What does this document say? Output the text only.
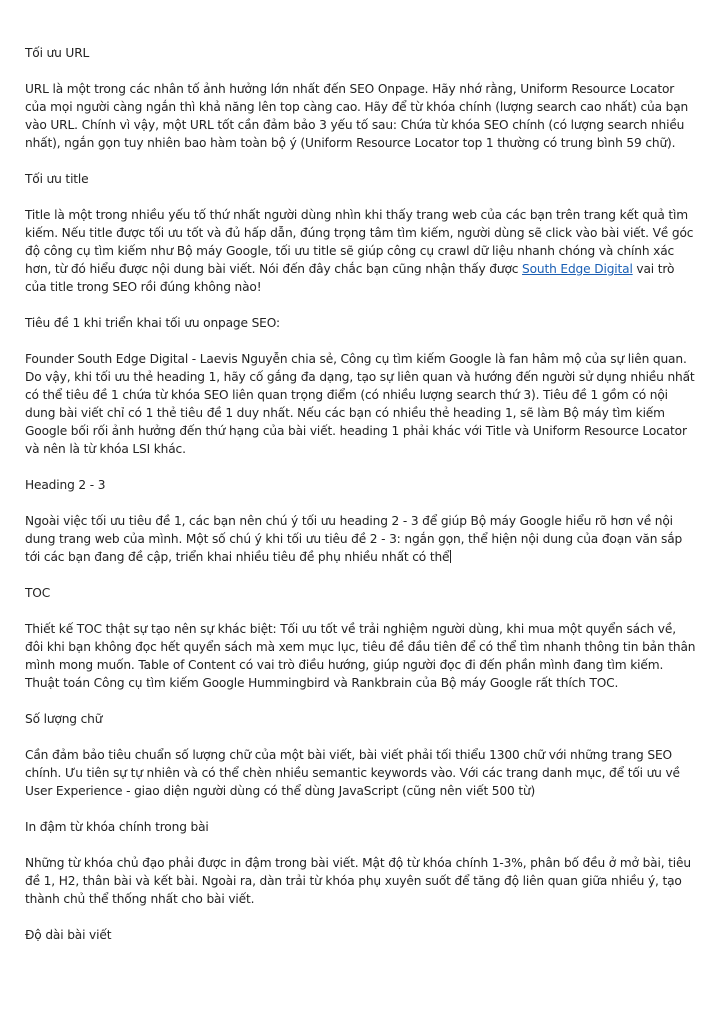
Tối ưu URL
URL là một trong các nhân tố ảnh hưởng lớn nhất đến SEO Onpage. Hãy nhớ rằng, Uniform Resource Locator của mọi người càng ngắn thì khả năng lên top càng cao. Hãy để từ khóa chính (lượng search cao nhất) của bạn vào URL. Chính vì vậy, một URL tốt cần đảm bảo 3 yếu tố sau: Chứa từ khóa SEO chính (có lượng search nhiều nhất), ngắn gọn tuy nhiên bao hàm toàn bộ ý (Uniform Resource Locator top 1 thường có trung bình 59 chữ).
Tối ưu title
Title là một trong nhiều yếu tố thứ nhất người dùng nhìn khi thấy trang web của các bạn trên trang kết quả tìm kiếm. Nếu title được tối ưu tốt và đủ hấp dẫn, đúng trọng tâm tìm kiếm, người dùng sẽ click vào bài viết. Về góc độ công cụ tìm kiếm như Bộ máy Google, tối ưu title sẽ giúp công cụ crawl dữ liệu nhanh chóng và chính xác hơn, từ đó hiểu được nội dung bài viết. Nói đến đây chắc bạn cũng nhận thấy được South Edge Digital vai trò của title trong SEO rồi đúng không nào!
Tiêu đề 1 khi triển khai tối ưu onpage SEO:
Founder South Edge Digital - Laevis Nguyễn chia sẻ, Công cụ tìm kiếm Google là fan hâm mộ của sự liên quan. Do vậy, khi tối ưu thẻ heading 1, hãy cố gắng đa dạng, tạo sự liên quan và hướng đến người sử dụng nhiều nhất có thể tiêu đề 1 chứa từ khóa SEO liên quan trọng điểm (có nhiều lượng search thứ 3). Tiêu đề 1 gồm có nội dung bài viết chỉ có 1 thẻ tiêu đề 1 duy nhất. Nếu các bạn có nhiều thẻ heading 1, sẽ làm Bộ máy tìm kiếm Google bối rối ảnh hưởng đến thứ hạng của bài viết. heading 1 phải khác với Title và Uniform Resource Locator và nên là từ khóa LSI khác.
Heading 2 - 3
Ngoài việc tối ưu tiêu đề 1, các bạn nên chú ý tối ưu heading 2 - 3 để giúp Bộ máy Google hiểu rõ hơn về nội dung trang web của mình. Một số chú ý khi tối ưu tiêu đề 2 - 3: ngắn gọn, thể hiện nội dung của đoạn văn sắp tới các bạn đang đề cập, triển khai nhiều tiêu đề phụ nhiều nhất có thể
TOC
Thiết kế TOC thật sự tạo nên sự khác biệt: Tối ưu tốt về trải nghiệm người dùng, khi mua một quyển sách về, đôi khi bạn không đọc hết quyển sách mà xem mục lục, tiêu đề đầu tiên để có thể tìm nhanh thông tin bản thân mình mong muốn. Table of Content có vai trò điều hướng, giúp người đọc đi đến phần mình đang tìm kiếm. Thuật toán Công cụ tìm kiếm Google Hummingbird và Rankbrain của Bộ máy Google rất thích TOC.
Số lượng chữ
Cần đảm bảo tiêu chuẩn số lượng chữ của một bài viết, bài viết phải tối thiểu 1300 chữ với những trang SEO chính. Ưu tiên sự tự nhiên và có thể chèn nhiều semantic keywords vào. Với các trang danh mục, để tối ưu về User Experience - giao diện người dùng có thể dùng JavaScript (cũng nên viết 500 từ)
In đậm từ khóa chính trong bài
Những từ khóa chủ đạo phải được in đậm trong bài viết. Mật độ từ khóa chính 1-3%, phân bố đều ở mở bài, tiêu đề 1, H2, thân bài và kết bài. Ngoài ra, dàn trải từ khóa phụ xuyên suốt để tăng độ liên quan giữa nhiều ý, tạo thành chủ thể thống nhất cho bài viết.
Độ dài bài viết
